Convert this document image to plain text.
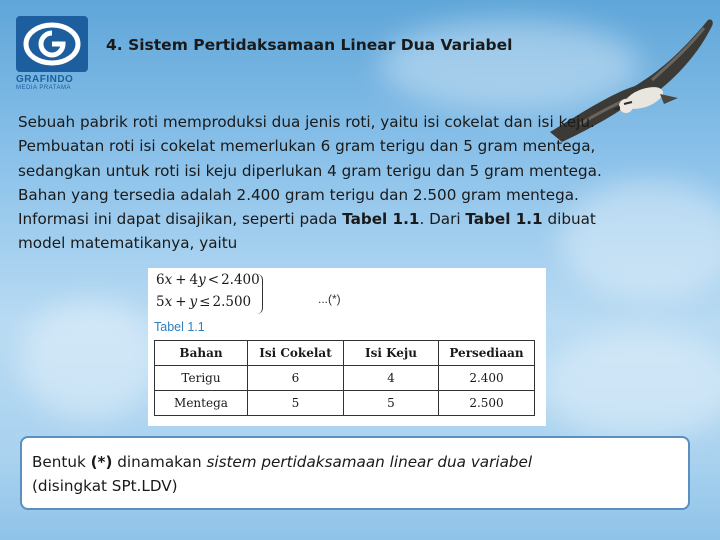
GRAFINDO
MEDIA PRATAMA
4. Sistem Pertidaksamaan Linear Dua Variabel
Sebuah pabrik roti memproduksi dua jenis roti, yaitu isi cokelat dan isi keju.
Pembuatan roti isi cokelat memerlukan 6 gram terigu dan 5 gram mentega,
sedangkan untuk roti isi keju diperlukan 4 gram terigu dan 5 gram mentega.
Bahan yang tersedia adalah 2.400 gram terigu dan 2.500 gram mentega.
Informasi ini dapat disajikan, seperti pada Tabel 1.1. Dari Tabel 1.1 dibuat
model matematikanya, yaitu
6x + 4y < 2.400
5x + y ≤ 2.500	...(*)
Tabel 1.1
Bahan	Isi Cokelat	Isi Keju	Persediaan
Terigu	6	4	2.400
Mentega	5	5	2.500
Bentuk (*) dinamakan sistem pertidaksamaan linear dua variabel
(disingkat SPt.LDV)
